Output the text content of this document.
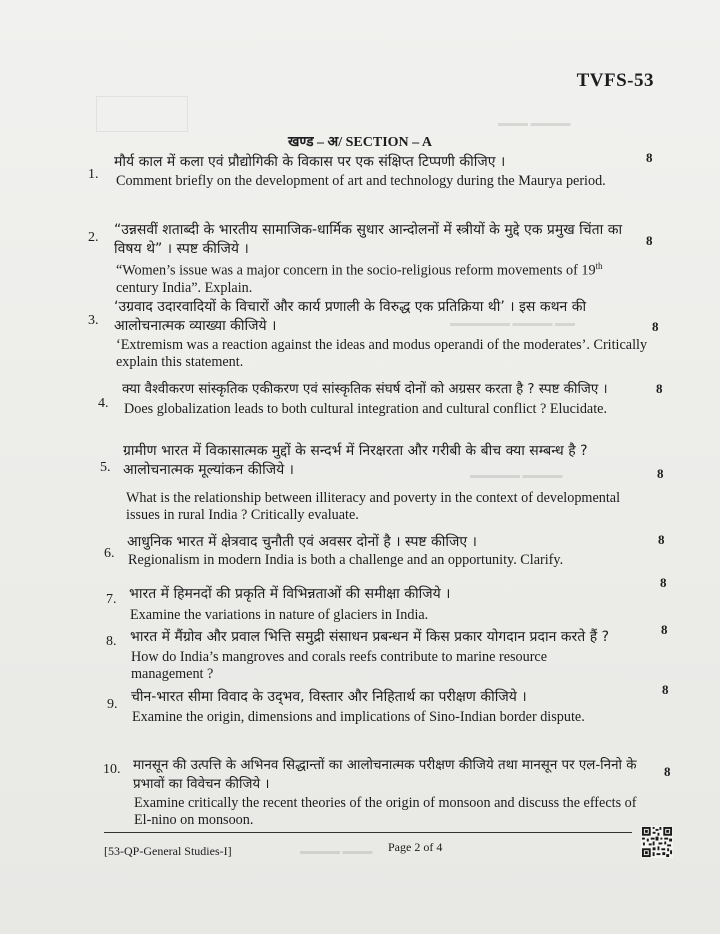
▬▬▬ ▬▬▬▬
▬▬▬▬▬▬ ▬▬▬▬ ▬▬
▬▬▬▬▬ ▬▬▬▬
▬▬▬▬ ▬▬▬
TVFS-53
खण्ड – अ/ SECTION – A
1.
मौर्य काल में कला एवं प्रौद्योगिकी के विकास पर एक संक्षिप्त टिप्पणी कीजिए ।
Comment briefly on the development of art and technology during the Maurya period.
8
2. “उन्नसवीं शताब्दी के भारतीय सामाजिक-धार्मिक सुधार आन्दोलनों में स्त्रीयों के मुद्दे एक प्रमुख चिंता का विषय थे” । स्पष्ट कीजिये ।
“Women’s issue was a major concern in the socio-religious reform movements of 19th century India”. Explain.
8
3.
‘उग्रवाद उदारवादियों के विचारों और कार्य प्रणाली के विरुद्ध एक प्रतिक्रिया थी’ । इस कथन की आलोचनात्मक व्याख्या कीजिये ।
‘Extremism was a reaction against the ideas and modus operandi of the moderates’. Critically explain this statement.
8
4.
क्या वैश्वीकरण सांस्कृतिक एकीकरण एवं सांस्कृतिक संघर्ष दोनों को अग्रसर करता है ? स्पष्ट कीजिए ।
Does globalization leads to both cultural integration and cultural conflict ? Elucidate.
8
5.
ग्रामीण भारत में विकासात्मक मुद्दों के सन्दर्भ में निरक्षरता और गरीबी के बीच क्या सम्बन्ध है ? आलोचनात्मक मूल्यांकन कीजिये ।
What is the relationship between illiteracy and poverty in the context of developmental issues in rural India ? Critically evaluate.
8
6.
आधुनिक भारत में क्षेत्रवाद चुनौती एवं अवसर दोनों है । स्पष्ट कीजिए ।
Regionalism in modern India is both a challenge and an opportunity. Clarify.
8
7. भारत में हिमनदों की प्रकृति में विभिन्नताओं की समीक्षा कीजिये ।
Examine the variations in nature of glaciers in India.
8
8. भारत में मैंग्रोव और प्रवाल भित्ति समुद्री संसाधन प्रबन्धन में किस प्रकार योगदान प्रदान करते हैं ?
How do India’s mangroves and corals reefs contribute to marine resource management ?
8
9. चीन-भारत सीमा विवाद के उद्‌भव, विस्तार और निहितार्थ का परीक्षण कीजिये ।
Examine the origin, dimensions and implications of Sino-Indian border dispute.
8
10. मानसून की उत्पत्ति के अभिनव सिद्धान्तों का आलोचनात्मक परीक्षण कीजिये तथा मानसून पर एल-निनो के प्रभावों का विवेचन कीजिये ।
Examine critically the recent theories of the origin of monsoon and discuss the effects of El-nino on monsoon.
8
[53-QP-General Studies-I]	Page 2 of 4
